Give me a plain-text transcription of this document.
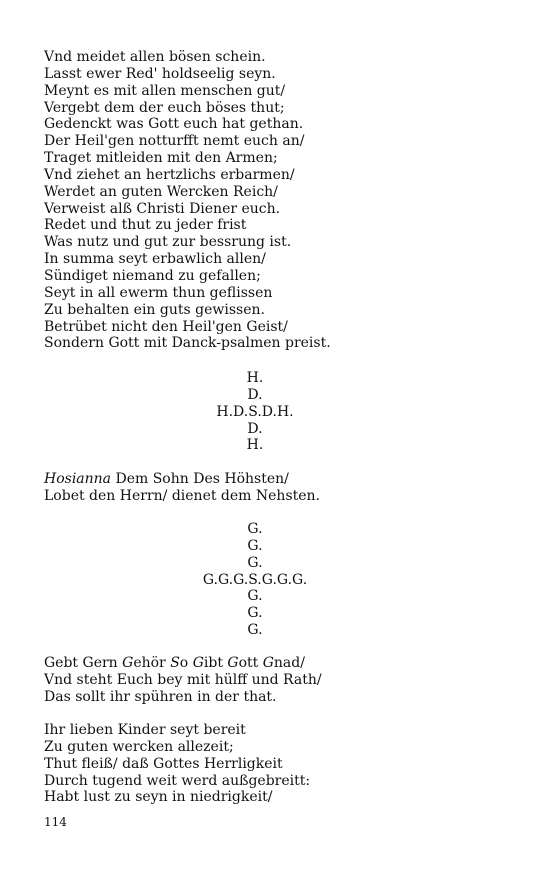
Vnd meidet allen bösen schein.
Lasst ewer Red' holdseelig seyn.
Meynt es mit allen menschen gut/
Vergebt dem der euch böses thut;
Gedenckt was Gott euch hat gethan.
Der Heil'gen notturfft nemt euch an/
Traget mitleiden mit den Armen;
Vnd ziehet an hertzlichs erbarmen/
Werdet an guten Wercken Reich/
Verweist alß Christi Diener euch.
Redet und thut zu jeder frist
Was nutz und gut zur bessrung ist.
In summa seyt erbawlich allen/
Sündiget niemand zu gefallen;
Seyt in all ewerm thun geflissen
Zu behalten ein guts gewissen.
Betrübet nicht den Heil'gen Geist/
Sondern Gott mit Danck-psalmen preist.
H.
D.
H.D.S.D.H.
D.
H.
Hosianna Dem Sohn Des Höhsten/
Lobet den Herrn/ dienet dem Nehsten.
G.
G.
G.
G.G.G.S.G.G.G.
G.
G.
G.
Gebt Gern Gehör So Gibt Gott Gnad/
Vnd steht Euch bey mit hülff und Rath/
Das sollt ihr spühren in der that.
Ihr lieben Kinder seyt bereit
Zu guten wercken allezeit;
Thut fleiß/ daß Gottes Herrligkeit
Durch tugend weit werd außgebreitt:
Habt lust zu seyn in niedrigkeit/
114
